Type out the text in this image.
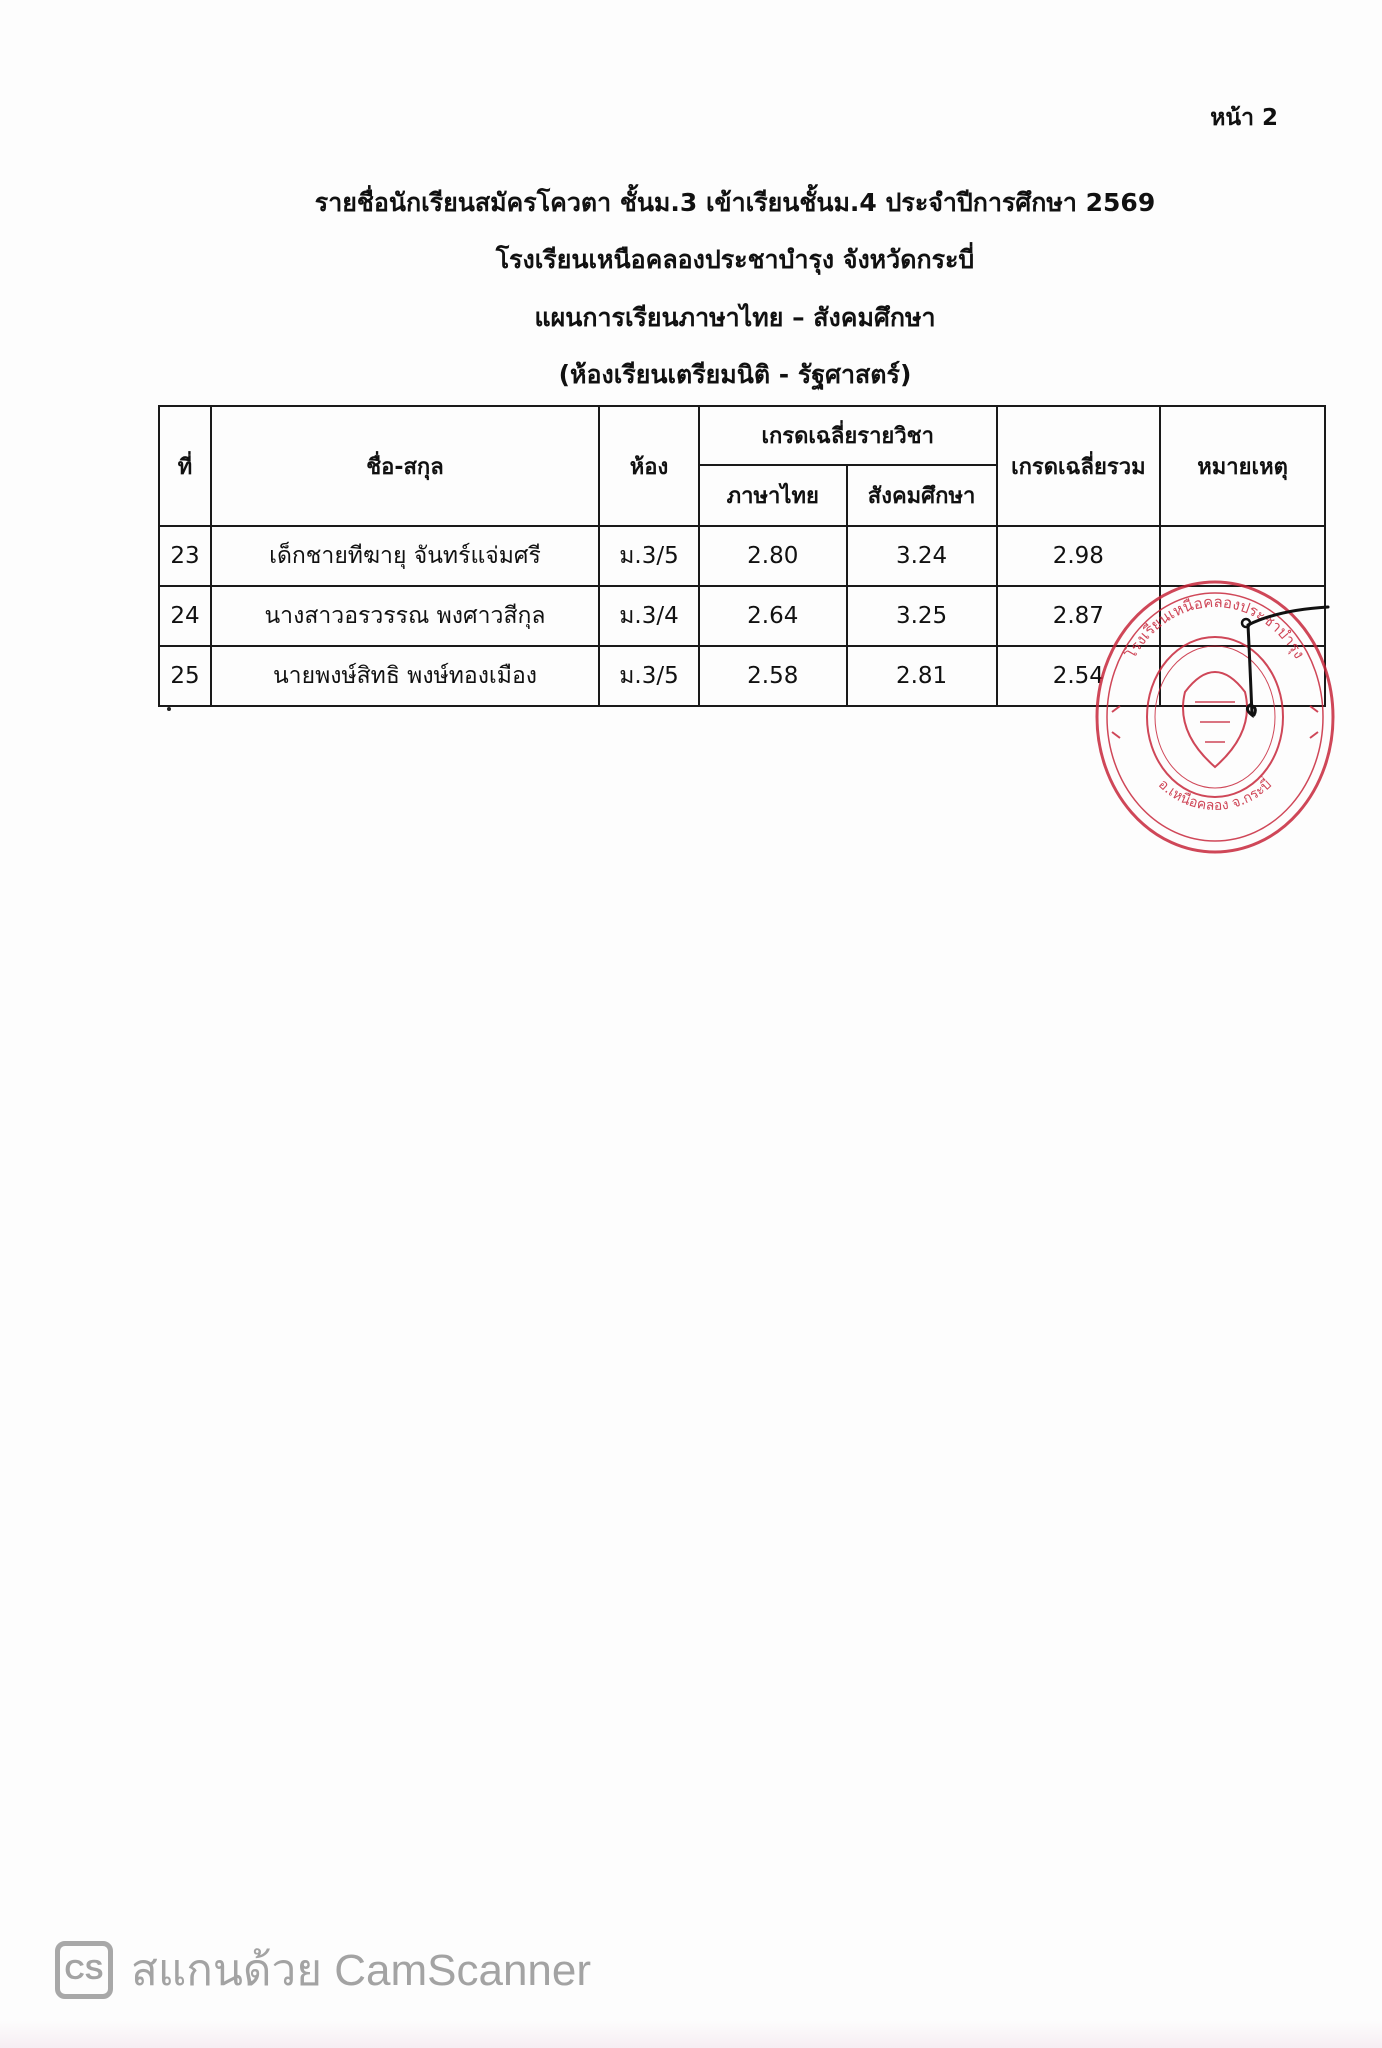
หน้า 2
รายชื่อนักเรียนสมัครโควตา ชั้นม.3 เข้าเรียนชั้นม.4 ประจำปีการศึกษา 2569
โรงเรียนเหนือคลองประชาบำรุง จังหวัดกระบี่
แผนการเรียนภาษาไทย – สังคมศึกษา
(ห้องเรียนเตรียมนิติ - รัฐศาสตร์)
ที่	ชื่อ-สกุล	ห้อง	เกรดเฉลี่ยรายวิชา		เกรดเฉลี่ยรวม	หมายเหตุ
			ภาษาไทย	สังคมศึกษา		
23	เด็กชายทีฆายุ จันทร์แจ่มศรี	ม.3/5	2.80	3.24	2.98	
24	นางสาวอรวรรณ พงศาวสีกุล	ม.3/4	2.64	3.25	2.87	
25	นายพงษ์สิทธิ พงษ์ทองเมือง	ม.3/5	2.58	2.81	2.54	
โรงเรียนเหนือคลองประชาบำรุง
อ.เหนือคลอง จ.กระบี่
CS สแกนด้วย CamScanner
